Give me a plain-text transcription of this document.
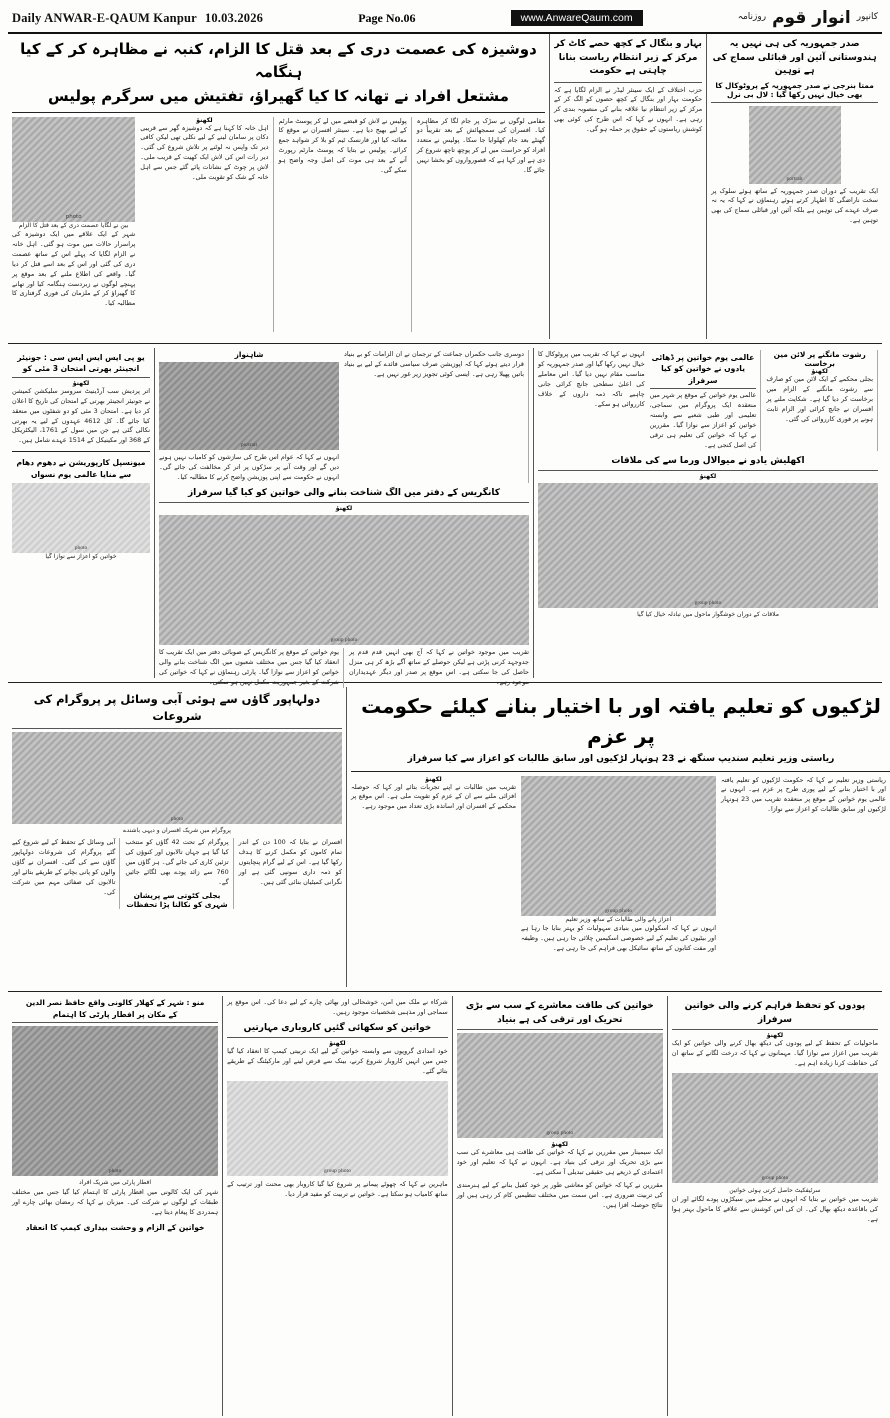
Daily ANWAR-E-QAUM Kanpur 10.03.2026	Page No.06	www.AnwareQaum.com	روزنامہ انوار قوم کانپور
دوشیزہ کی عصمت دری کے بعد قتل کا الزام، کنبہ نے مظاہرہ کر کے کیا ہنگامہ
مشتعل افراد نے تھانہ کا کیا گھیراؤ، تفتیش میں سرگرم پولیس
مقامی لوگوں نے سڑک پر جام لگا کر مظاہرہ کیا۔ افسران کی سمجھائش کے بعد تقریباً دو گھنٹے بعد جام کھلوایا جا سکا۔ پولیس نے متعدد افراد کو حراست میں لے کر پوچھ تاچھ شروع کر دی ہے اور کہا ہے کہ قصورواروں کو بخشا نہیں جائے گا۔
پولیس نے لاش کو قبضے میں لے کر پوسٹ مارٹم کے لیے بھیج دیا ہے۔ سینئر افسران نے موقع کا معائنہ کیا اور فارنسک ٹیم کو بلا کر شواہد جمع کرائے۔ پولیس نے بتایا کہ پوسٹ مارٹم رپورٹ آنے کے بعد ہی موت کی اصل وجہ واضح ہو سکے گی۔
لکھنؤ
اہل خانہ کا کہنا ہے کہ دوشیزہ گھر سے قریبی دکان پر سامان لینے کے لیے نکلی تھی لیکن کافی دیر تک واپس نہ لوٹنے پر تلاش شروع کی گئی۔ دیر رات اس کی لاش ایک کھیت کے قریب ملی۔ لاش پر چوٹ کے نشانات پائے گئے جس سے اہل خانہ کے شک کو تقویت ملی۔
photo
بین نے لگایا عصمت دری کے بعد قتل کا الزام
شہر کے ایک علاقے میں ایک دوشیزہ کی پراسرار حالات میں موت ہو گئی۔ اہل خانہ نے الزام لگایا کہ پہلے اس کے ساتھ عصمت دری کی گئی اور اس کے بعد اسے قتل کر دیا گیا۔ واقعے کی اطلاع ملنے کے بعد موقع پر پہنچے لوگوں نے زبردست ہنگامہ کیا اور تھانے کا گھیراؤ کر کے ملزمان کی فوری گرفتاری کا مطالبہ کیا۔
بہار و بنگال کے کچھ حصے کاٹ کر مرکز کے زیر انتظام ریاست بنانا چاہتی ہے حکومت
حزب اختلاف کے ایک سینئر لیڈر نے الزام لگایا ہے کہ حکومت بہار اور بنگال کے کچھ حصوں کو الگ کر کے مرکز کے زیر انتظام نیا علاقہ بنانے کی منصوبہ بندی کر رہی ہے۔ انہوں نے کہا کہ اس طرح کی کوئی بھی کوشش ریاستوں کے حقوق پر حملہ ہو گی۔
صدر جمہوریہ کی ہی نہیں یہ ہندوستانی آئین اور قبائلی سماج کی ہے توہین
ممتا بنرجی نے صدر جمہوریہ کے پروٹوکال کا بھی خیال نہیں رکھا گیا : لال بی نرل
portrait
ایک تقریب کے دوران صدر جمہوریہ کے ساتھ ہوئے سلوک پر سخت ناراضگی کا اظہار کرتے ہوئے رہنماؤں نے کہا کہ یہ نہ صرف عہدے کی توہین ہے بلکہ آئین اور قبائلی سماج کی بھی توہین ہے۔
یو پی ایس ایس ایس سی : جونیئر انجینئر بھرتی امتحان 3 مئی کو
لکھنؤ
اتر پردیش سب آرڈینیٹ سروسز سلیکشن کمیشن نے جونیئر انجینئر بھرتی کے امتحان کی تاریخ کا اعلان کر دیا ہے۔ امتحان 3 مئی کو دو شفٹوں میں منعقد کیا جائے گا۔ کل 4612 عہدوں کے لیے یہ بھرتی نکالی گئی ہے جن میں سول کے 1761، الیکٹریکل کے 368 اور مکینیکل کے 1514 عہدے شامل ہیں۔
میونسپل کارپوریشن نے دھوم دھام سے منایا عالمی یوم نسواں
photo
خواتین کو اعزاز سے نوازا گیا
شاہنواز
portrait
انہوں نے کہا کہ عوام اس طرح کی سازشوں کو کامیاب نہیں ہونے دیں گے اور وقت آنے پر سڑکوں پر اتر کر مخالفت کی جائے گی۔ انہوں نے حکومت سے اپنی پوزیشن واضح کرنے کا مطالبہ کیا۔
دوسری جانب حکمراں جماعت کے ترجمان نے ان الزامات کو بے بنیاد قرار دیتے ہوئے کہا کہ اپوزیشن صرف سیاسی فائدے کے لیے بے بنیاد باتیں پھیلا رہی ہے۔ ایسی کوئی تجویز زیر غور نہیں ہے۔
کانگریس کے دفتر میں الگ شناخت بنانے والی خواتین کو کیا گیا سرفراز
لکھنؤ
group photo
تقریب میں موجود خواتین نے کہا کہ آج بھی انہیں قدم قدم پر جدوجہد کرنی پڑتی ہے لیکن حوصلے کے ساتھ آگے بڑھ کر ہی منزل حاصل کی جا سکتی ہے۔ اس موقع پر صدر اور دیگر عہدیداران موجود رہے۔
یوم خواتین کے موقع پر کانگریس کے صوبائی دفتر میں ایک تقریب کا انعقاد کیا گیا جس میں مختلف شعبوں میں الگ شناخت بنانے والی خواتین کو اعزاز سے نوازا گیا۔ پارٹی رہنماؤں نے کہا کہ خواتین کی شرکت کے بغیر جمہوریت مکمل نہیں ہو سکتی۔
انہوں نے کہا کہ تقریب میں پروٹوکال کا خیال نہیں رکھا گیا اور صدر جمہوریہ کو مناسب مقام نہیں دیا گیا۔ اس معاملے کی اعلیٰ سطحی جانچ کرائی جانی چاہیے تاکہ ذمہ داروں کے خلاف کارروائی ہو سکے۔
عالمی یوم خواتین پر ڈھائی یادوں نے خواتین کو کیا سرفراز
عالمی یوم خواتین کے موقع پر شہر میں منعقدہ ایک پروگرام میں سماجی، تعلیمی اور طبی شعبے سے وابستہ خواتین کو اعزاز سے نوازا گیا۔ مقررین نے کہا کہ خواتین کی تعلیم ہی ترقی کی اصل کنجی ہے۔
رشوت مانگنے پر لائن مین برخاست
لکھنؤ
بجلی محکمے کے ایک لائن مین کو صارف سے رشوت مانگنے کے الزام میں برخاست کر دیا گیا ہے۔ شکایت ملنے پر افسران نے جانچ کرائی اور الزام ثابت ہونے پر فوری کارروائی کی گئی۔
اکھلیش یادو نے میوالال ورما سے کی ملاقات
لکھنؤ
group photo
ملاقات کے دوران خوشگوار ماحول میں تبادلہ خیال کیا گیا
دولہاپور گاؤں سے ہوئی آبی وسائل پر پروگرام کی شروعات
photo
پروگرام میں شریک افسران و دیہی باشندے
افسران نے بتایا کہ 100 دن کے اندر تمام کاموں کو مکمل کرنے کا ہدف رکھا گیا ہے۔ اس کے لیے گرام پنچایتوں کو ذمہ داری سونپی گئی ہے اور نگرانی کمیٹیاں بنائی گئی ہیں۔
پروگرام کے تحت 42 گاؤں کو منتخب کیا گیا ہے جہاں تالابوں اور کنوؤں کی تزئین کاری کی جائے گی۔ ہر گاؤں میں 760 سے زائد پودے بھی لگائے جائیں گے۔
بجلی کٹوتی سے پریشان شہری کو نکالنا پڑا تحفظات
آبی وسائل کے تحفظ کے لیے شروع کیے گئے پروگرام کی شروعات دولہاپور گاؤں سے کی گئی۔ افسران نے گاؤں والوں کو پانی بچانے کے طریقے بتائے اور تالابوں کی صفائی مہم میں شرکت کی۔
لڑکیوں کو تعلیم یافتہ اور با اختیار بنانے کیلئے حکومت پر عزم
ریاستی وزیر تعلیم سندیپ سنگھ نے 23 ہونہار لڑکیوں اور سابق طالبات کو اعزاز سے کیا سرفراز
لکھنؤ
تقریب میں طالبات نے اپنے تجربات بتائے اور کہا کہ حوصلہ افزائی ملنے سے ان کے عزم کو تقویت ملی ہے۔ اس موقع پر محکمے کے افسران اور اساتذہ بڑی تعداد میں موجود رہے۔
group photo
اعزاز پانے والی طالبات کے ساتھ وزیر تعلیم
انہوں نے کہا کہ اسکولوں میں بنیادی سہولیات کو بہتر بنایا جا رہا ہے اور بیٹیوں کی تعلیم کے لیے خصوصی اسکیمیں چلائی جا رہی ہیں۔ وظیفہ اور مفت کتابوں کے ساتھ سائیکل بھی فراہم کی جا رہی ہے۔
ریاستی وزیر تعلیم نے کہا کہ حکومت لڑکیوں کو تعلیم یافتہ اور با اختیار بنانے کے لیے پوری طرح پر عزم ہے۔ انہوں نے عالمی یوم خواتین کے موقع پر منعقدہ تقریب میں 23 ہونہار لڑکیوں اور سابق طالبات کو اعزاز سے نوازا۔
منو : شہر کے کھلار کالونی واقع حافظ نصر الدین
کے مکان پر افطار پارٹی کا اہتمام
photo
افطار پارٹی میں شریک افراد
شہر کی ایک کالونی میں افطار پارٹی کا اہتمام کیا گیا جس میں مختلف طبقات کے لوگوں نے شرکت کی۔ میزبان نے کہا کہ رمضان بھائی چارے اور ہمدردی کا پیغام دیتا ہے۔
خواتین کے الزام و وحشت بیداری کیمپ کا انعقاد
شرکاء نے ملک میں امن، خوشحالی اور بھائی چارے کے لیے دعا کی۔ اس موقع پر سماجی اور مذہبی شخصیات موجود رہیں۔
خواتین کو سکھائی گئیں کاروباری مہارتیں
لکھنؤ
خود امدادی گروپوں سے وابستہ خواتین کے لیے ایک تربیتی کیمپ کا انعقاد کیا گیا جس میں انہیں کاروبار شروع کرنے، بینک سے قرض لینے اور مارکیٹنگ کے طریقے بتائے گئے۔
group photo
ماہرین نے کہا کہ چھوٹے پیمانے پر شروع کیا گیا کاروبار بھی محنت اور ترتیب کے ساتھ کامیاب ہو سکتا ہے۔ خواتین نے تربیت کو مفید قرار دیا۔
خواتین کی طاقت معاشرے کے سب سے بڑی تحریک اور ترقی کی ہے بنیاد
group photo
لکھنؤ
ایک سیمینار میں مقررین نے کہا کہ خواتین کی طاقت ہی معاشرے کی سب سے بڑی تحریک اور ترقی کی بنیاد ہے۔ انہوں نے کہا کہ تعلیم اور خود اعتمادی کے ذریعے ہی حقیقی تبدیلی آ سکتی ہے۔
مقررین نے کہا کہ خواتین کو معاشی طور پر خود کفیل بنانے کے لیے ہنرمندی کی تربیت ضروری ہے۔ اس سمت میں مختلف تنظیمیں کام کر رہی ہیں اور نتائج حوصلہ افزا ہیں۔
پودوں کو تحفظ فراہم کرنے والی خواتین سرفراز
لکھنؤ
ماحولیات کے تحفظ کے لیے پودوں کی دیکھ بھال کرنے والی خواتین کو ایک تقریب میں اعزاز سے نوازا گیا۔ مہمانوں نے کہا کہ درخت لگانے کے ساتھ ان کی حفاظت کرنا زیادہ اہم ہے۔
group photo
سرٹیفکیٹ حاصل کرتی ہوئی خواتین
تقریب میں خواتین نے بتایا کہ انہوں نے محلے میں سیکڑوں پودے لگائے اور ان کی باقاعدہ دیکھ بھال کی۔ ان کی اس کوشش سے علاقے کا ماحول بہتر ہوا ہے۔
